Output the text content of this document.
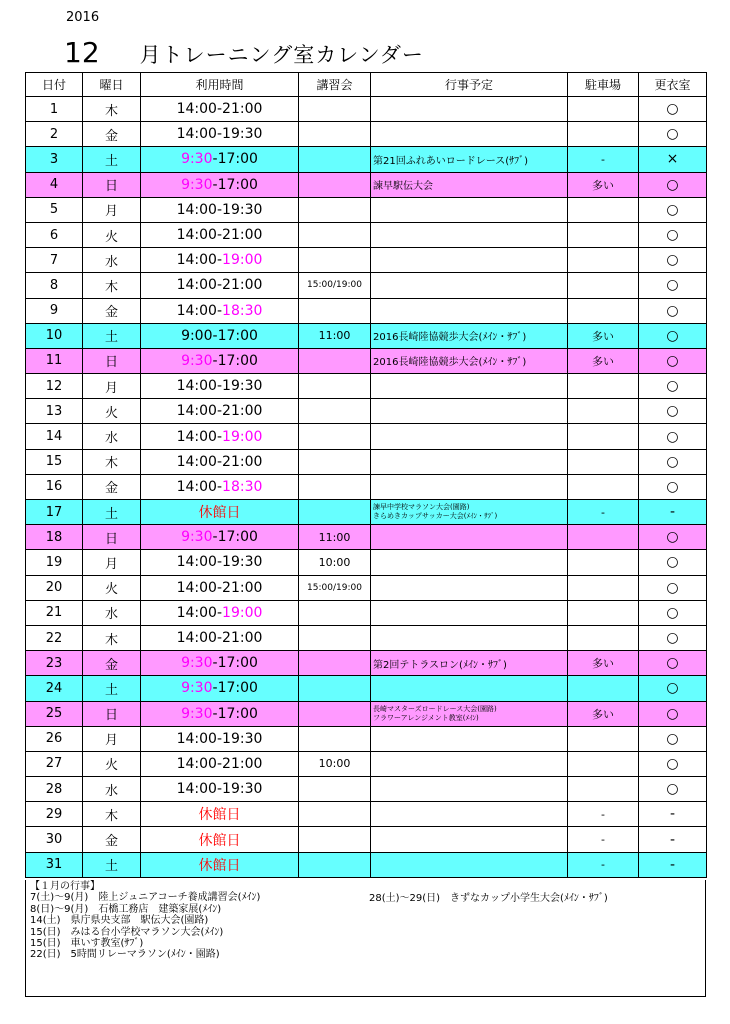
2016
12 月トレーニング室カレンダー
日付	曜日	利用時間	講習会	行事予定	駐車場	更衣室
1	木	14:00-21:00				○
2	金	14:00-19:30				○
3	土	9:30-17:00		第21回ふれあいロードレース(ｻﾌﾞ)	-	×
4	日	9:30-17:00		諫早駅伝大会	多い	○
5	月	14:00-19:30				○
6	火	14:00-21:00				○
7	水	14:00-19:00				○
8	木	14:00-21:00	15:00/19:00			○
9	金	14:00-18:30				○
10	土	9:00-17:00	11:00	2016長崎陸協競歩大会(ﾒｲﾝ・ｻﾌﾞ)	多い	○
11	日	9:30-17:00		2016長崎陸協競歩大会(ﾒｲﾝ・ｻﾌﾞ)	多い	○
12	月	14:00-19:30				○
13	火	14:00-21:00				○
14	水	14:00-19:00				○
15	木	14:00-21:00				○
16	金	14:00-18:30				○
17	土	休館日		諫早中学校マラソン大会(園路)
きらめきカップサッカー大会(ﾒｲﾝ・ｻﾌﾞ)	-	-
18	日	9:30-17:00	11:00			○
19	月	14:00-19:30	10:00			○
20	火	14:00-21:00	15:00/19:00			○
21	水	14:00-19:00				○
22	木	14:00-21:00				○
23	金	9:30-17:00		第2回テトラスロン(ﾒｲﾝ・ｻﾌﾞ)	多い	○
24	土	9:30-17:00				○
25	日	9:30-17:00		長崎マスターズロードレース大会(園路)
フラワーアレンジメント教室(ﾒｲﾝ)	多い	○
26	月	14:00-19:30				○
27	火	14:00-21:00	10:00			○
28	水	14:00-19:30				○
29	木	休館日			-	-
30	金	休館日			-	-
31	土	休館日			-	-
【１月の行事】
7(土)～9(月)　陸上ジュニアコーチ養成講習会(ﾒｲﾝ)
8(日)～9(月)　石橋工務店　建築家展(ﾒｲﾝ)
14(土)　県庁県央支部　駅伝大会(園路)
15(日)　みはる台小学校マラソン大会(ﾒｲﾝ)
15(日)　車いす教室(ｻﾌﾞ)
22(日)　5時間リレーマラソン(ﾒｲﾝ・園路)
28(土)～29(日)　きずなカップ小学生大会(ﾒｲﾝ・ｻﾌﾞ)
